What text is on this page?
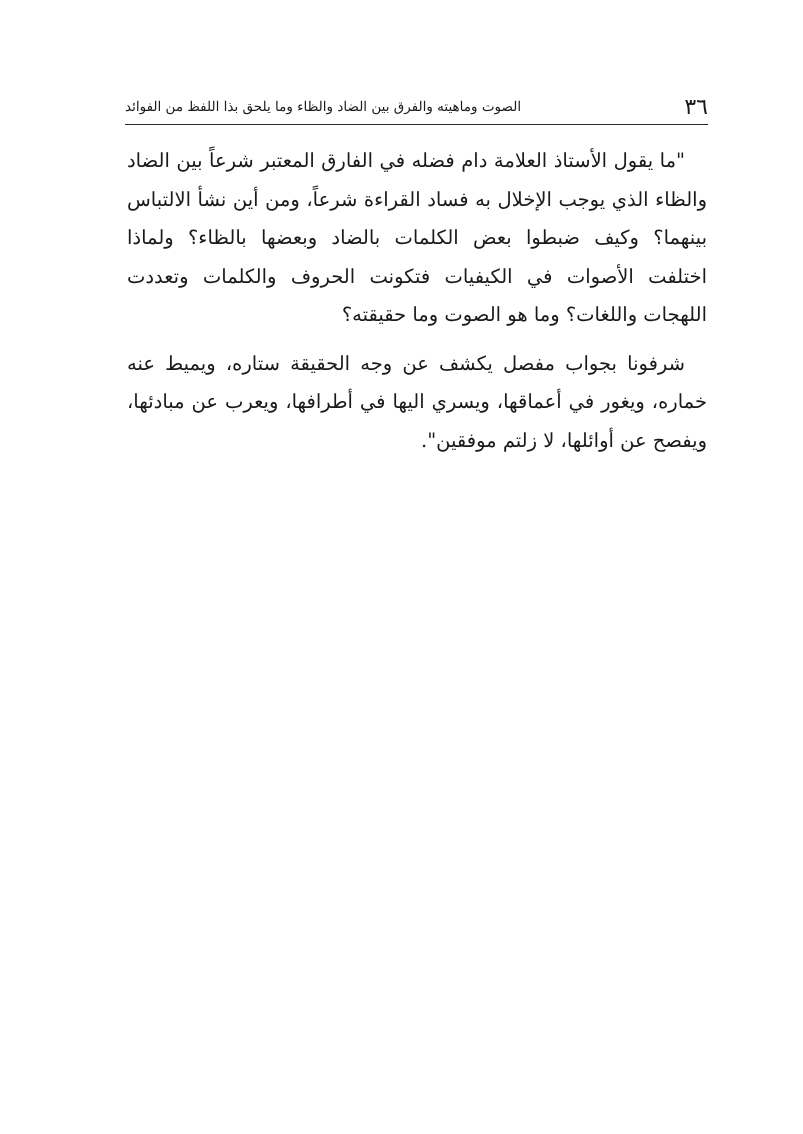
٣٦
الصوت وماهيته والفرق بين الضاد والظاء وما يلحق بذا اللفظ من الفوائد

"ما يقول الأستاذ العلامة دام فضله في الفارق المعتبر شرعاً بين الضاد والظاء الذي يوجب الإخلال به فساد القراءة شرعاً، ومن أين نشأ الالتباس بينهما؟ وكيف ضبطوا بعض الكلمات بالضاد وبعضها بالظاء؟ ولماذا اختلفت الأصوات في الكيفيات فتكونت الحروف والكلمات وتعددت اللهجات واللغات؟ وما هو الصوت وما حقيقته؟

شرفونا بجواب مفصل يكشف عن وجه الحقيقة ستاره، ويميط عنه خماره، ويغور في أعماقها، ويسري اليها في أطرافها، ويعرب عن مبادئها، ويفصح عن أوائلها، لا زلتم موفقين".
